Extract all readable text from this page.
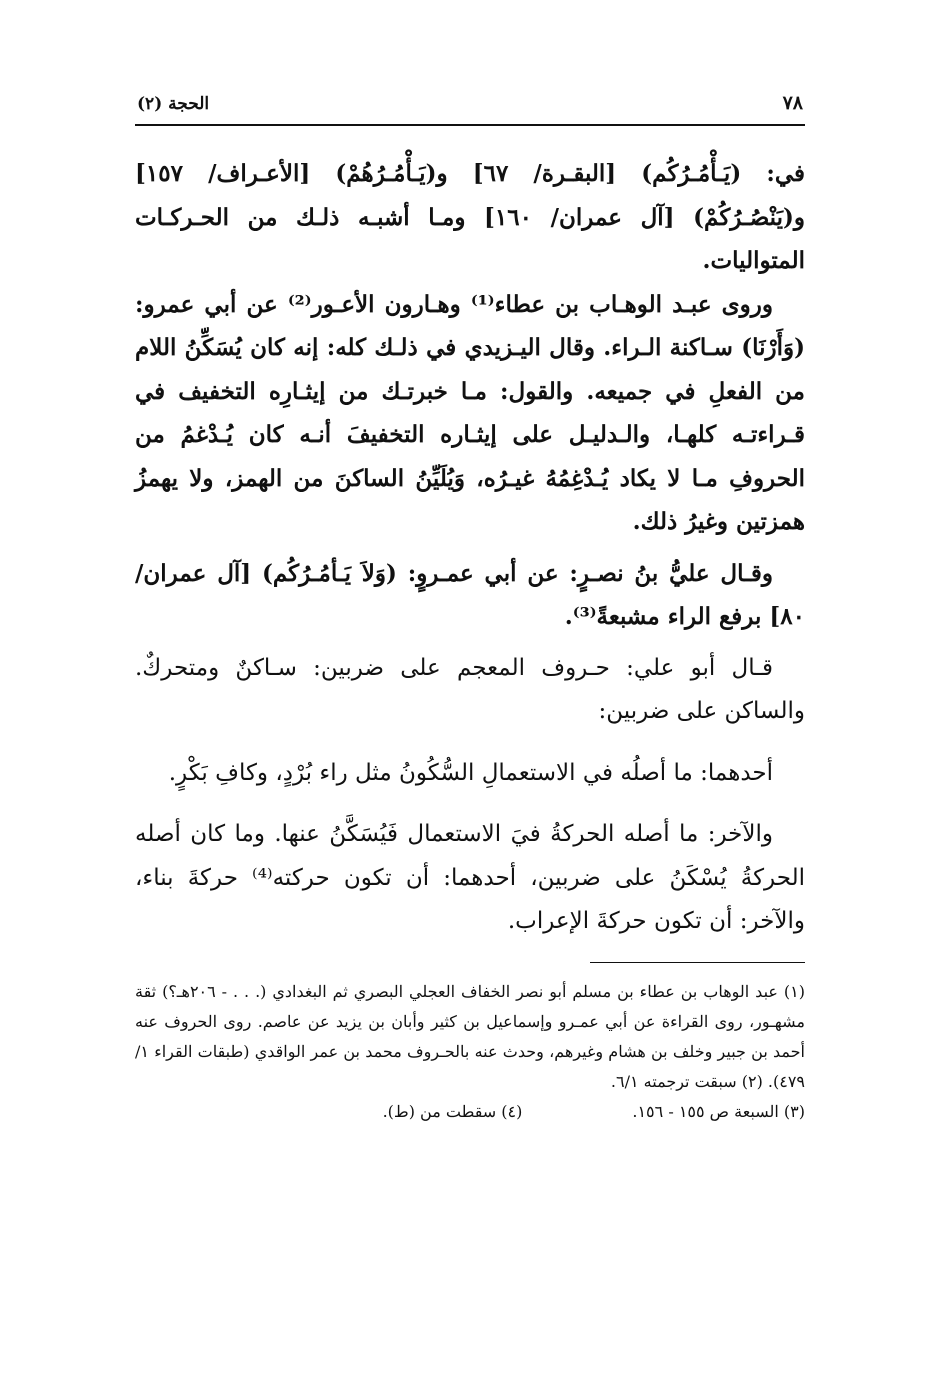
٧٨
الحجة (٢)

في: (يَـأْمُـرُكُم) [البقـرة/ ٦٧] و(يَـأْمُـرُهُمْ) [الأعـراف/ ١٥٧] و(يَنْصُـرُكُمْ) [آل عمران/ ١٦٠] ومـا أشبـه ذلـك من الحـركـات المتواليات.

وروى عبـد الوهـاب بن عطاء⁽¹⁾ وهـارون الأعـور⁽²⁾ عن أبي عمرو: (وَأَرْنَا) سـاكنة الـراء. وقال اليـزيدي في ذلـك كله: إنه كان يُسَكِّنُ اللام من الفعلِ في جميعه. والقول: مـا خبرتـك من إيثـارِه التخفيف في قـراءتـه كلهـا، والـدليـل على إيثـاره التخفيفَ أنـه كان يُـدْغمُ من الحروفِ مـا لا يكاد يُـدْغِمُهُ غيـرُه، وَيُلَيِّنُ الساكنَ من الهمز، ولا يهمزُ همزتين وغيرُ ذلك.

وقـال عليُّ بنُ نصـرٍ: عن أبي عمـروٍ: (وَلاَ يَـأمُـرُكُم) [آل عمران/ ٨٠] برفع الراء مشبعةً⁽³⁾.

قـال أبو علي: حـروف المعجم على ضربين: سـاكنٌ ومتحركٌ. والساكن على ضربين:

أحدهما: ما أصلُه في الاستعمالِ السُّكُونُ مثل راء بُرْدٍ، وكافِ بَكْرٍ.

والآخر: ما أصله الحركةُ فيَ الاستعمال فَيُسَكَّنُ عنها. وما كان أصله الحركةُ يُسْكَنُ على ضربين، أحدهما: أن تكون حركته⁽⁴⁾ حركةَ بناء، والآخر: أن تكون حركةَ الإعراب.

(١) عبد الوهاب بن عطاء بن مسلم أبو نصر الخفاف العجلي البصري ثم البغدادي (. . . - ٢٠٦هـ؟) ثقة مشهـور، روى القراءة عن أبي عمـرو وإسماعيل بن كثير وأبان بن يزيد عن عاصم. روى الحروف عنه أحمد بن جبير وخلف بن هشام وغيرهم، وحدث عنه بالحـروف محمد بن عمر الواقدي (طبقات القراء ١/ ٤٧٩). (٢) سبقت ترجمته ٦/١.

(٣) السبعة ص ١٥٥ - ١٥٦.
(٤) سقطت من (ط).
